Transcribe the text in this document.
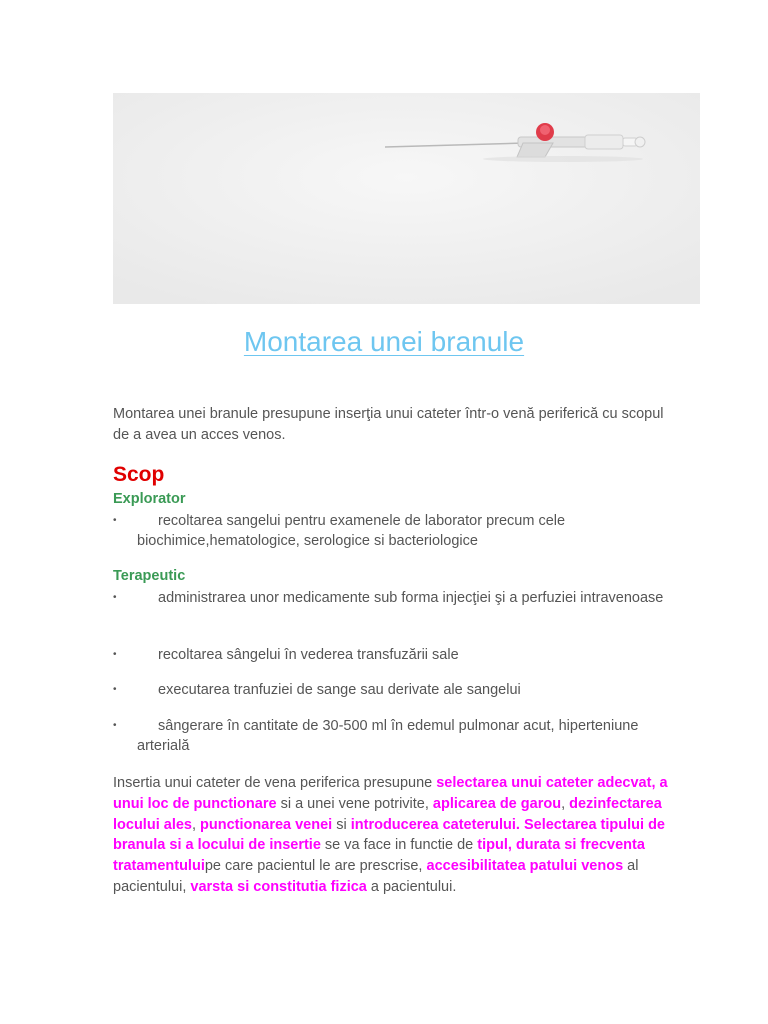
Montarea unei branule

Montarea unei branule presupune inserţia unui cateter într-o venă periferică cu scopul de a avea un acces venos.

Scop
Explorator
•	recoltarea sangelui pentru examenele de laborator precum cele biochimice,hematologice, serologice si bacteriologice
Terapeutic
•	administrarea unor medicamente sub forma injecţiei şi a perfuziei intravenoase
•	recoltarea sângelui în vederea transfuzării sale
•	executarea tranfuziei de sange sau derivate ale sangelui
•	sângerare în cantitate de 30-500 ml în edemul pulmonar acut, hiperteniune arterială

Insertia unui cateter de vena periferica presupune selectarea unui cateter adecvat, a unui loc de punctionare si a unei vene potrivite, aplicarea de garou, dezinfectarea locului ales, punctionarea venei si introducerea cateterului. Selectarea tipului de branula si a locului de insertie se va face in functie de tipul, durata si frecventa tratamentuluipe care pacientul le are prescrise, accesibilitatea patului venos al pacientului, varsta si constitutia fizica a pacientului.
